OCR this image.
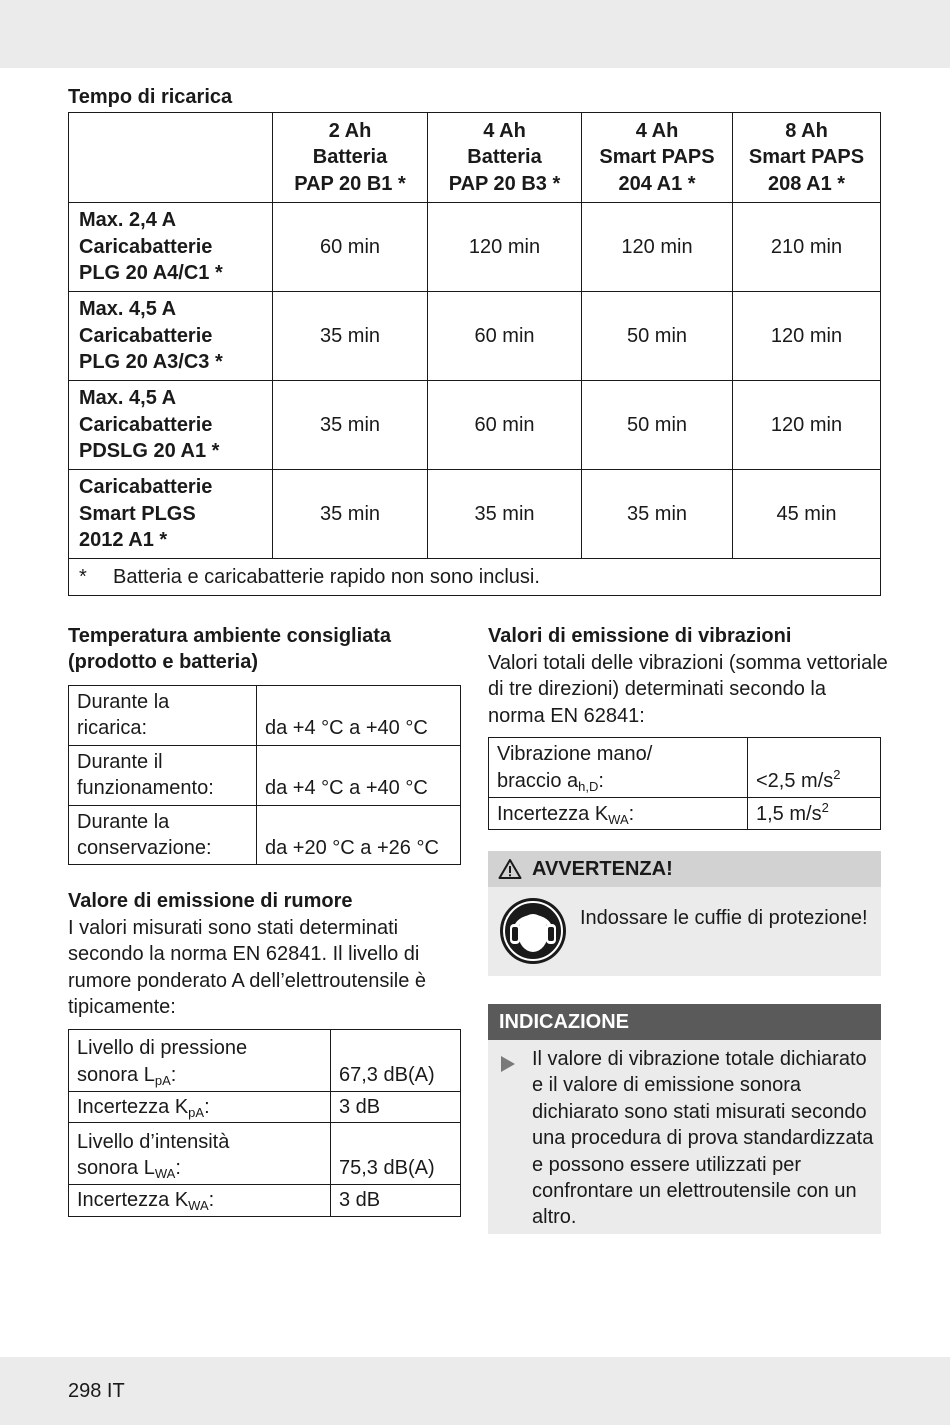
Tempo di ricarica
	2 Ah
Batteria
PAP 20 B1 *	4 Ah
Batteria
PAP 20 B3 *	4 Ah
Smart PAPS
204 A1 *	8 Ah
Smart PAPS
208 A1 *
Max. 2,4 A
Caricabatterie
PLG 20 A4/C1 *	60 min	120 min	120 min	210 min
Max. 4,5 A
Caricabatterie
PLG 20 A3/C3 *	35 min	60 min	50 min	120 min
Max. 4,5 A
Caricabatterie
PDSLG 20 A1 *	35 min	60 min	50 min	120 min
Caricabatterie
Smart PLGS
2012 A1 *	35 min	35 min	35 min	45 min
* Batteria e caricabatterie rapido non sono inclusi.				
Temperatura ambiente consigliata
(prodotto e batteria)
Durante la
ricarica:	da +4 °C a +40 °C
Durante il
funzionamento:	da +4 °C a +40 °C
Durante la
conservazione:	da +20 °C a +26 °C
Valore di emissione di rumore

I valori misurati sono stati determinati secondo la norma EN 62841. Il livello di rumore ponderato A dell’elettroutensile è tipicamente:

Livello di pressione
sonora $L_{pA}$:	67,3 dB(A)
Incertezza $K_{pA}$:	3 dB
Livello d’intensità
sonora $L_{WA}$:	75,3 dB(A)
Incertezza $K_{WA}$:	3 dB
Valori di emissione di vibrazioni

Valori totali delle vibrazioni (somma vettoriale di tre direzioni) determinati secondo la norma EN 62841:

Vibrazione mano/
braccio $a_{h,D}$:	<2,5 $m/s^2$
Incertezza $K_{WA}$:	1,5 $m/s^2$
AVVERTENZA!

Indossare le cuffie di protezione!

INDICAZIONE

Il valore di vibrazione totale dichiarato e il valore di emissione sonora dichiarato sono stati misurati secondo una procedura di prova standardizzata e possono essere utilizzati per confrontare un elettroutensile con un altro.

298 IT
